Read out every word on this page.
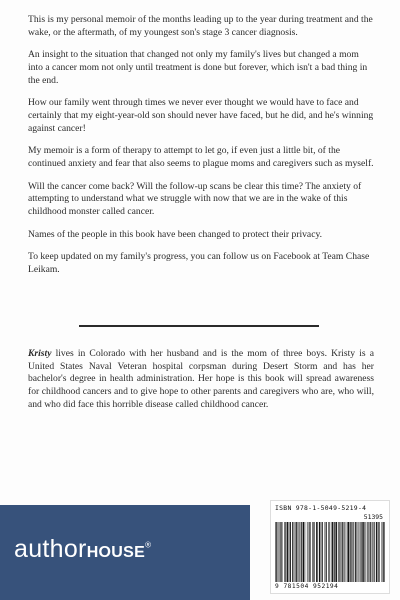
This is my personal memoir of the months leading up to the year during treatment and the wake, or the aftermath, of my youngest son's stage 3 cancer diagnosis.

An insight to the situation that changed not only my family's lives but changed a mom into a cancer mom not only until treatment is done but forever, which isn't a bad thing in the end.

How our family went through times we never ever thought we would have to face and certainly that my eight-year-old son should never have faced, but he did, and he's winning against cancer!

My memoir is a form of therapy to attempt to let go, if even just a little bit, of the continued anxiety and fear that also seems to plague moms and caregivers such as myself.

Will the cancer come back? Will the follow-up scans be clear this time? The anxiety of attempting to understand what we struggle with now that we are in the wake of this childhood monster called cancer.

Names of the people in this book have been changed to protect their privacy.

To keep updated on my family's progress, you can follow us on Facebook at Team Chase Leikam.

Kristy lives in Colorado with her husband and is the mom of three boys. Kristy is a United States Naval Veteran hospital corpsman during Desert Storm and has her bachelor's degree in health administration. Her hope is this book will spread awareness for childhood cancers and to give hope to other parents and caregivers who are, who will, and who did face this horrible disease called childhood cancer.

authorHOUSE®
ISBN 978-1-5049-5219-4
51395
9 781504 952194
